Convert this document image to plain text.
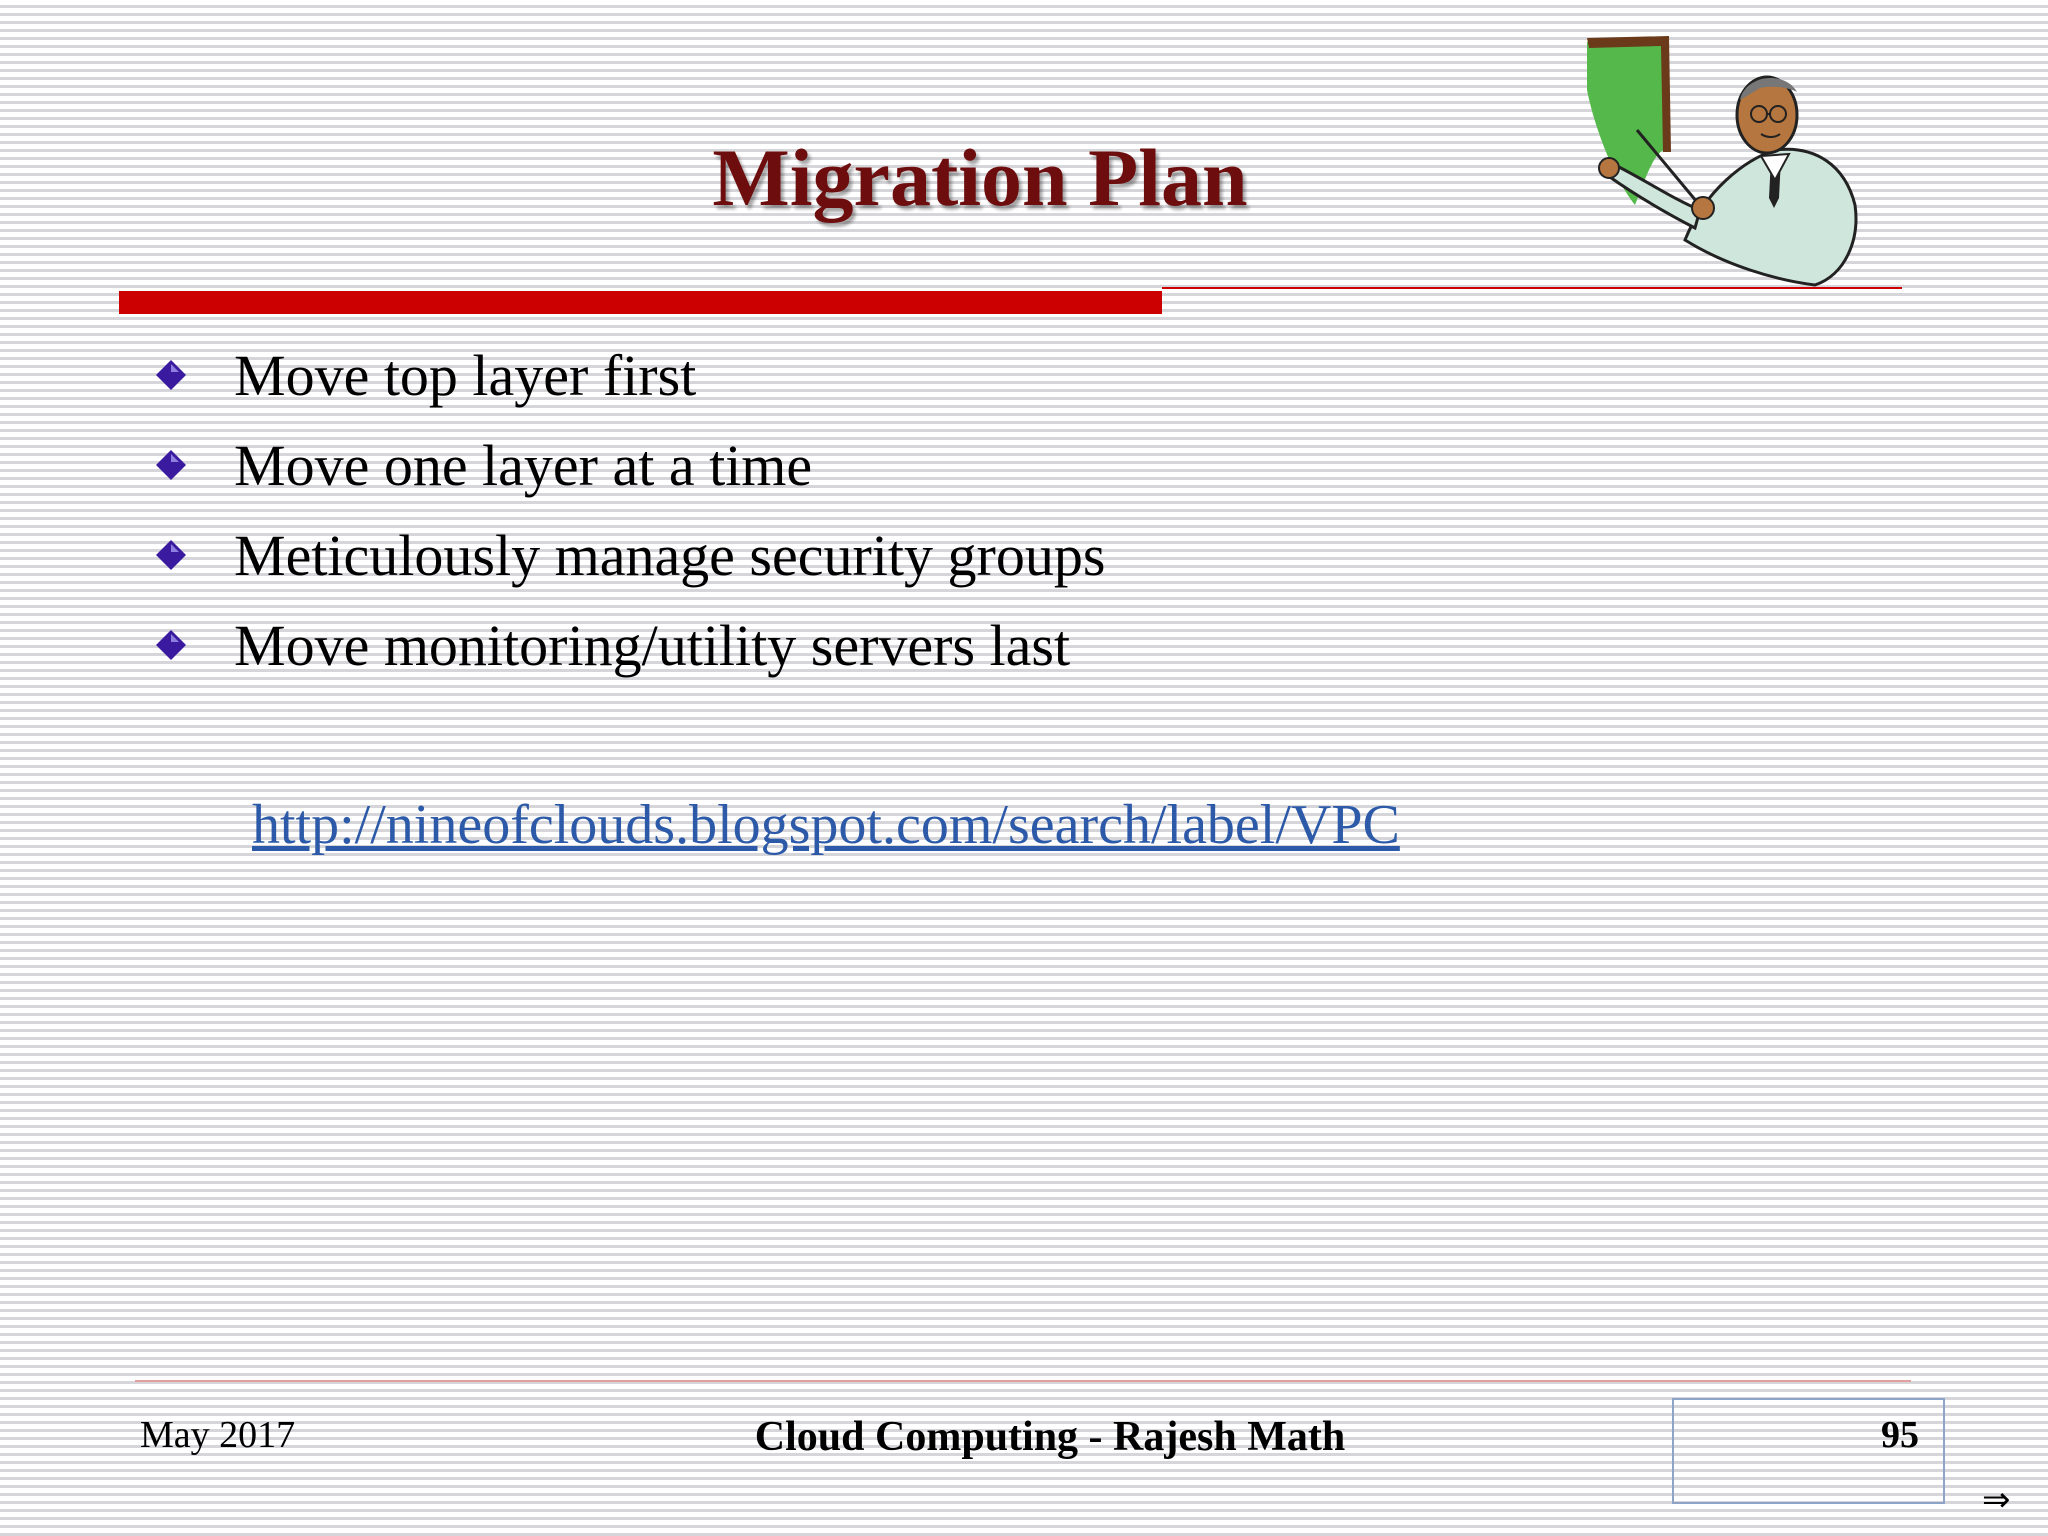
Migration Plan
Move top layer first
Move one layer at a time
Meticulously manage security groups
Move monitoring/utility servers last
http://nineofclouds.blogspot.com/search/label/VPC
May 2017	Cloud Computing - Rajesh Math	95
⇒
